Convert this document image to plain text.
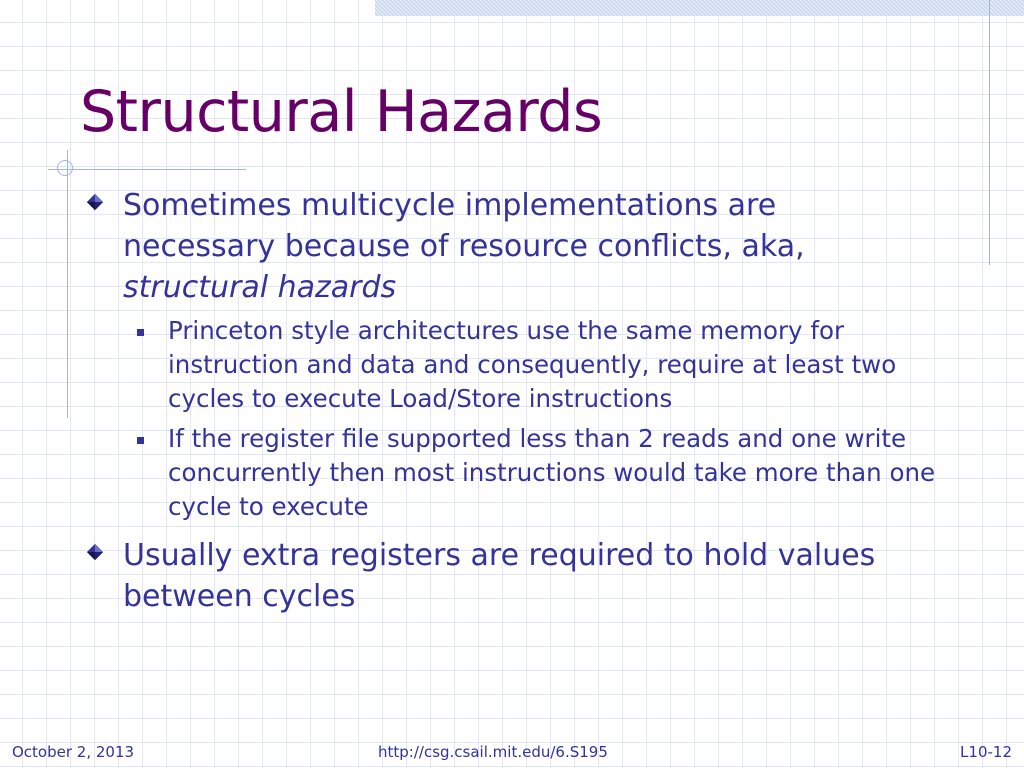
Structural Hazards

Sometimes multicycle implementations are necessary because of resource conflicts, aka, structural hazards

Princeton style architectures use the same memory for instruction and data and consequently, require at least two cycles to execute Load/Store instructions

If the register file supported less than 2 reads and one write concurrently then most instructions would take more than one cycle to execute

Usually extra registers are required to hold values between cycles

October 2, 2013	http://csg.csail.mit.edu/6.S195	L10-12
